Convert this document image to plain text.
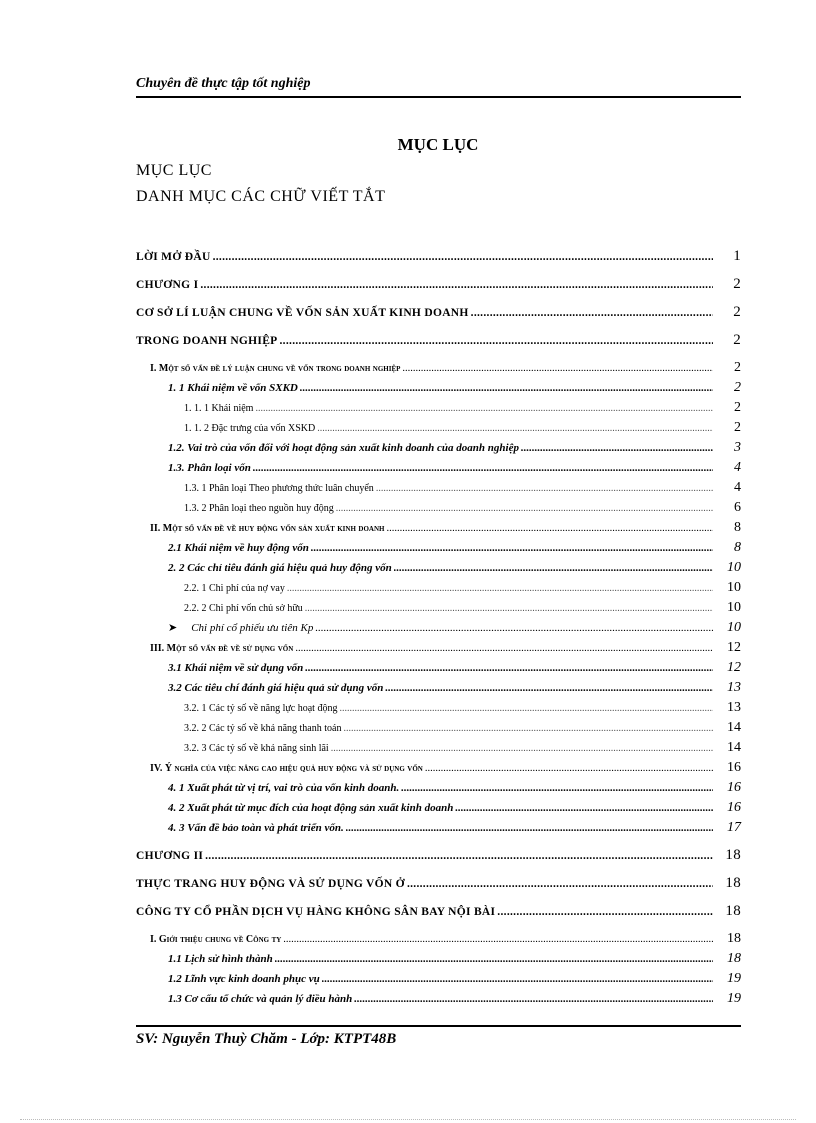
Chuyên đề thực tập tốt nghiệp
MỤC LỤC
MỤC LỤC
DANH MỤC CÁC CHỮ VIẾT TẮT
LỜI MỞ ĐẦU .....	1
CHƯƠNG I .....	2
CƠ SỞ LÍ LUẬN CHUNG VỀ VỐN SẢN XUẤT KINH DOANH .....	2
TRONG DOANH NGHIỆP .....	2
I. Một số vấn đề lý luận chung về vốn trong doanh nghiệp .....	2
1. 1 Khái niệm về vốn SXKD .....	2
1. 1. 1 Khái niệm .....	2
1. 1. 2 Đặc trưng của vốn XSKD .....	2
1.2. Vai trò của vốn đối với hoạt động sản xuất kinh doanh của doanh nghiệp .....	3
1.3. Phân loại vốn .....	4
1.3. 1 Phân loại Theo phương thức luân chuyển .....	4
1.3. 2 Phân loại theo nguồn huy động .....	6
II. Một số vấn đề về huy động vốn sản xuất kinh doanh .....	8
2.1 Khái niệm về huy động vốn .....	8
2. 2 Các chỉ tiêu đánh giá hiệu quả huy động vốn .....	10
2.2. 1 Chi phí của nợ vay .....	10
2.2. 2 Chi phí vốn chủ sở hữu .....	10
➤ Chi phí cổ phiếu ưu tiên Kp .....	10
III. Một số vấn đề về sử dụng vốn .....	12
3.1 Khái niệm về sử dụng vốn .....	12
3.2 Các tiêu chí đánh giá hiệu quả sử dụng vốn .....	13
3.2. 1 Các tỷ số về năng lực hoạt động .....	13
3.2. 2 Các tỷ số về khả năng thanh toán .....	14
3.2. 3 Các tỷ số về khả năng sinh lãi .....	14
IV. Ý nghĩa của việc nâng cao hiệu quả huy động và sử dụng vốn .....	16
4. 1 Xuất phát từ vị trí, vai trò của vốn kinh doanh. .....	16
4. 2 Xuất phát từ mục đích của hoạt động sản xuất kinh doanh .....	16
4. 3 Vấn đề bảo toàn và phát triển vốn. .....	17
CHƯƠNG II .....	18
THỰC TRANG HUY ĐỘNG VÀ SỬ DỤNG VỐN Ở .....	18
CÔNG TY CỔ PHẦN DỊCH VỤ HÀNG KHÔNG SÂN BAY NỘI BÀI .....	18
I. Giới thiệu chung về Công ty .....	18
1.1 Lịch sử hình thành .....	18
1.2 Lĩnh vực kinh doanh phục vụ .....	19
1.3 Cơ cấu tổ chức và quản lý điều hành .....	19
SV: Nguyễn Thuỳ Chăm - Lớp: KTPT48B
